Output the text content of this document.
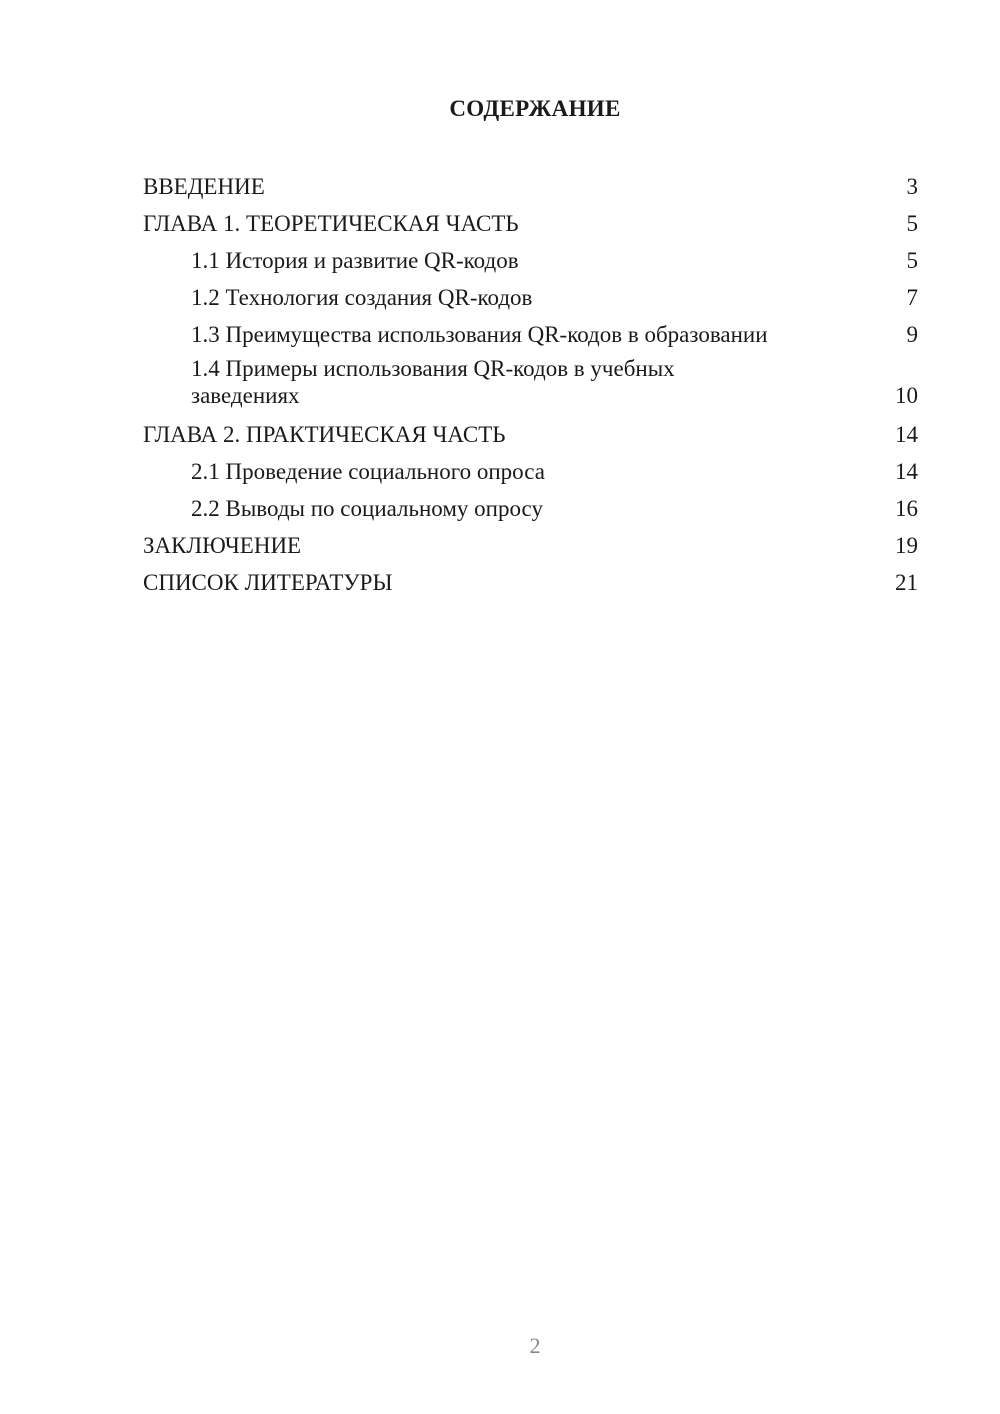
СОДЕРЖАНИЕ
ВВЕДЕНИЕ	3
ГЛАВА 1. ТЕОРЕТИЧЕСКАЯ ЧАСТЬ	5
1.1 История и развитие QR-кодов	5
1.2 Технология создания QR-кодов	7
1.3 Преимущества использования QR-кодов в образовании	9
1.4 Примеры использования QR-кодов в учебных заведениях	10
ГЛАВА 2. ПРАКТИЧЕСКАЯ ЧАСТЬ	14
2.1 Проведение социального опроса	14
2.2 Выводы по социальному опросу	16
ЗАКЛЮЧЕНИЕ	19
СПИСОК ЛИТЕРАТУРЫ	21
2
